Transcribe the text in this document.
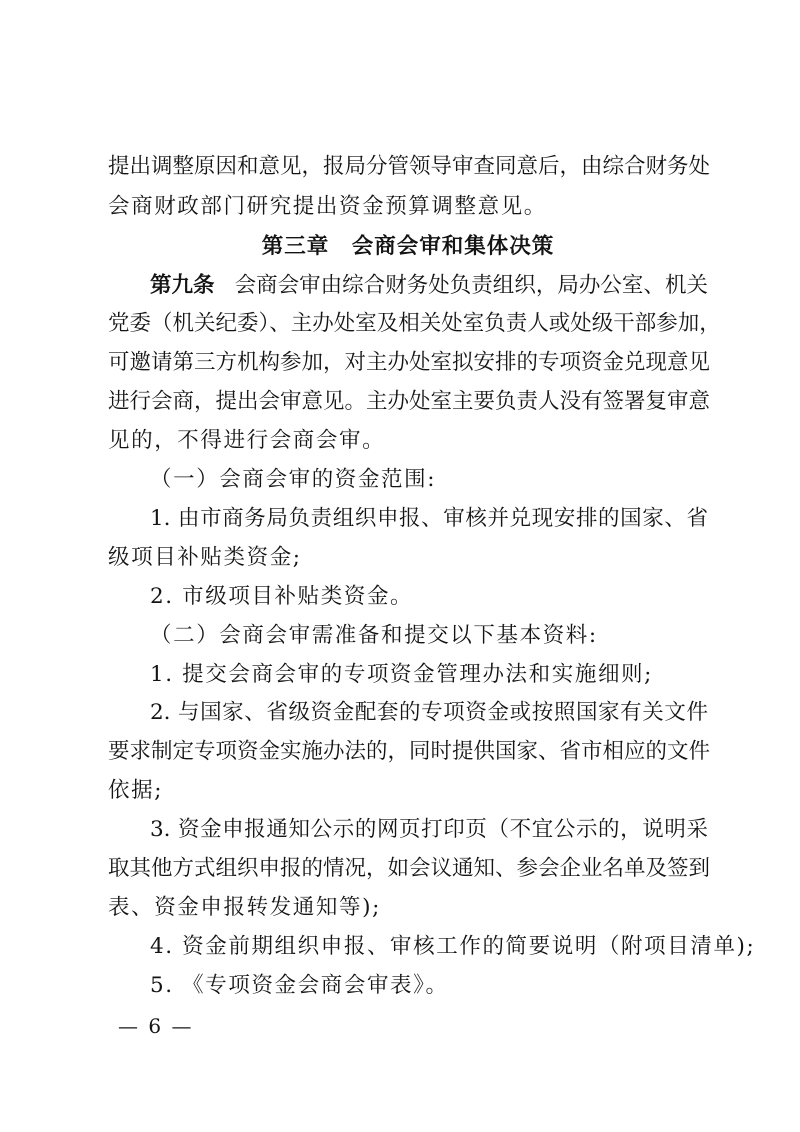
提出调整原因和意见，报局分管领导审查同意后，由综合财务处
会商财政部门研究提出资金预算调整意见。
第三章　会商会审和集体决策
第九条 会商会审由综合财务处负责组织，局办公室、机关
党委（机关纪委）、主办处室及相关处室负责人或处级干部参加，
可邀请第三方机构参加，对主办处室拟安排的专项资金兑现意见
进行会商，提出会审意见。主办处室主要负责人没有签署复审意
见的，不得进行会商会审。
（一）会商会审的资金范围:
1. 由市商务局负责组织申报、审核并兑现安排的国家、省
级项目补贴类资金;
2. 市级项目补贴类资金。
（二）会商会审需准备和提交以下基本资料:
1. 提交会商会审的专项资金管理办法和实施细则;
2. 与国家、省级资金配套的专项资金或按照国家有关文件
要求制定专项资金实施办法的，同时提供国家、省市相应的文件
依据;
3. 资金申报通知公示的网页打印页（不宜公示的，说明采
取其他方式组织申报的情况，如会议通知、参会企业名单及签到
表、资金申报转发通知等);
4. 资金前期组织申报、审核工作的简要说明（附项目清单);
5. 《专项资金会商会审表》。
— 6 —
